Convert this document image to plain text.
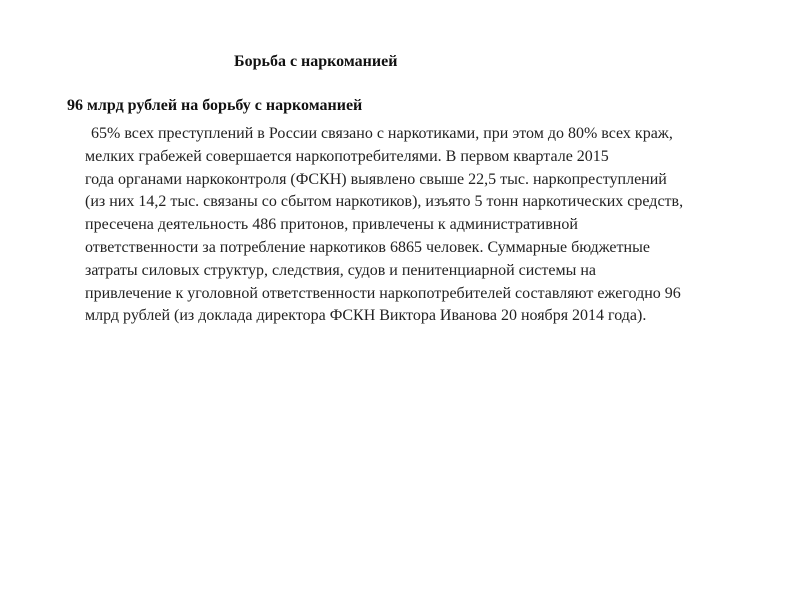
Борьба с наркоманией
96 млрд рублей на борьбу с наркоманией
65% всех преступлений в России связано с наркотиками, при этом до 80% всех краж,
мелких грабежей совершается наркопотребителями. В первом квартале 2015
года органами наркоконтроля (ФСКН) выявлено свыше 22,5 тыс. наркопреступлений
(из них 14,2 тыс. связаны со сбытом наркотиков), изъято 5 тонн наркотических средств,
пресечена деятельность 486 притонов, привлечены к административной
ответственности за потребление наркотиков 6865 человек. Суммарные бюджетные
затраты силовых структур, следствия, судов и пенитенциарной системы на
привлечение к уголовной ответственности наркопотребителей составляют ежегодно 96
млрд рублей (из доклада директора ФСКН Виктора Иванова 20 ноября 2014 года).
